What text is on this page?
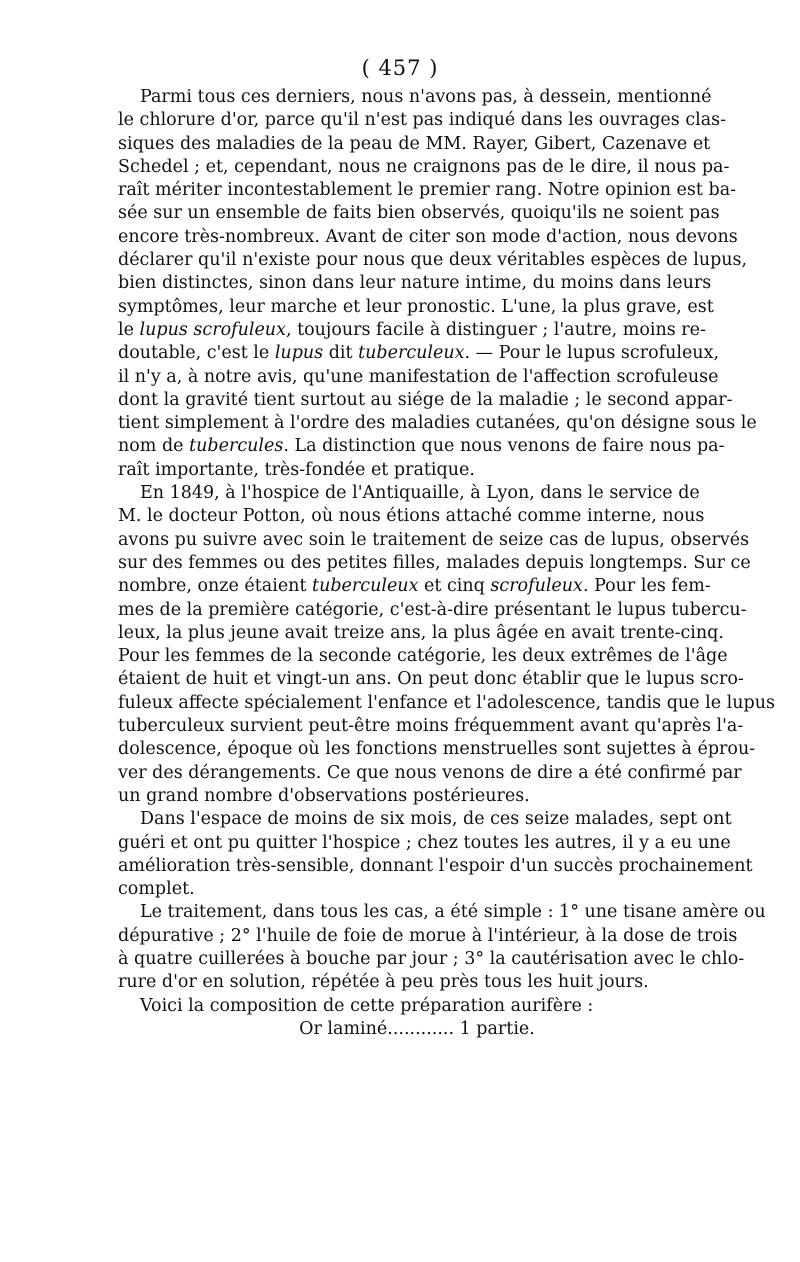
( 457 )
Parmi tous ces derniers, nous n'avons pas, à dessein, mentionné
le chlorure d'or, parce qu'il n'est pas indiqué dans les ouvrages clas-
siques des maladies de la peau de MM. Rayer, Gibert, Cazenave et
Schedel ; et, cependant, nous ne craignons pas de le dire, il nous pa-
raît mériter incontestablement le premier rang. Notre opinion est ba-
sée sur un ensemble de faits bien observés, quoiqu'ils ne soient pas
encore très-nombreux. Avant de citer son mode d'action, nous devons
déclarer qu'il n'existe pour nous que deux véritables espèces de lupus,
bien distinctes, sinon dans leur nature intime, du moins dans leurs
symptômes, leur marche et leur pronostic. L'une, la plus grave, est
le lupus scrofuleux, toujours facile à distinguer ; l'autre, moins re-
doutable, c'est le lupus dit tuberculeux. — Pour le lupus scrofuleux,
il n'y a, à notre avis, qu'une manifestation de l'affection scrofuleuse
dont la gravité tient surtout au siége de la maladie ; le second appar-
tient simplement à l'ordre des maladies cutanées, qu'on désigne sous le
nom de tubercules. La distinction que nous venons de faire nous pa-
raît importante, très-fondée et pratique.
En 1849, à l'hospice de l'Antiquaille, à Lyon, dans le service de
M. le docteur Potton, où nous étions attaché comme interne, nous
avons pu suivre avec soin le traitement de seize cas de lupus, observés
sur des femmes ou des petites filles, malades depuis longtemps. Sur ce
nombre, onze étaient tuberculeux et cinq scrofuleux. Pour les fem-
mes de la première catégorie, c'est-à-dire présentant le lupus tubercu-
leux, la plus jeune avait treize ans, la plus âgée en avait trente-cinq.
Pour les femmes de la seconde catégorie, les deux extrêmes de l'âge
étaient de huit et vingt-un ans. On peut donc établir que le lupus scro-
fuleux affecte spécialement l'enfance et l'adolescence, tandis que le lupus
tuberculeux survient peut-être moins fréquemment avant qu'après l'a-
dolescence, époque où les fonctions menstruelles sont sujettes à éprou-
ver des dérangements. Ce que nous venons de dire a été confirmé par
un grand nombre d'observations postérieures.
Dans l'espace de moins de six mois, de ces seize malades, sept ont
guéri et ont pu quitter l'hospice ; chez toutes les autres, il y a eu une
amélioration très-sensible, donnant l'espoir d'un succès prochainement
complet.
Le traitement, dans tous les cas, a été simple : 1° une tisane amère ou
dépurative ; 2° l'huile de foie de morue à l'intérieur, à la dose de trois
à quatre cuillerées à bouche par jour ; 3° la cautérisation avec le chlo-
rure d'or en solution, répétée à peu près tous les huit jours.
Voici la composition de cette préparation aurifère :
Or laminé............ 1 partie.
